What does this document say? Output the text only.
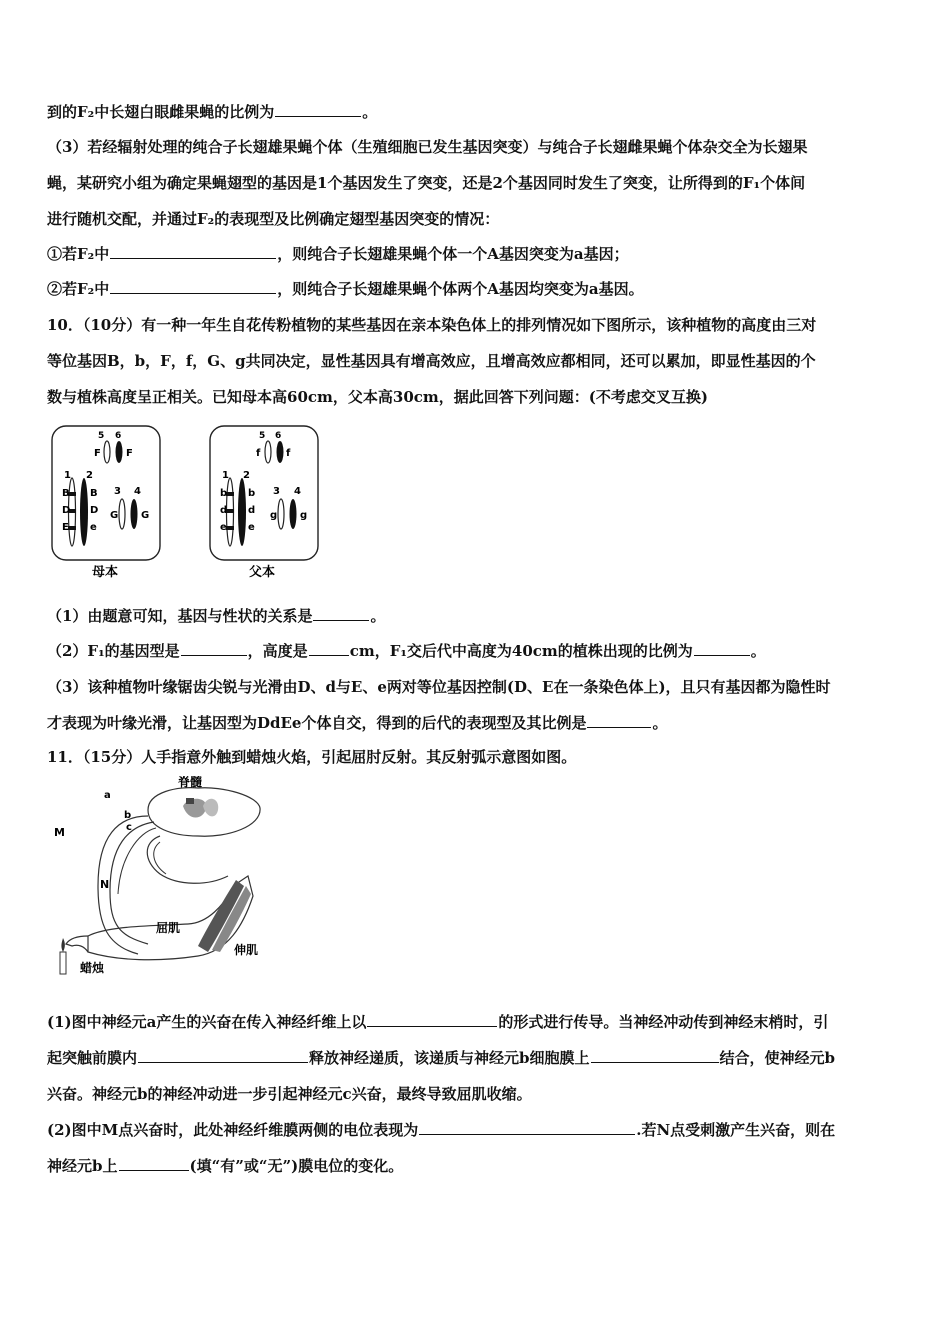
到的F₂中长翅白眼雌果蝇的比例为	。
（3）若经辐射处理的纯合子长翅雄果蝇个体（生殖细胞已发生基因突变）与纯合子长翅雌果蝇个体杂交全为长翅果
蝇，某研究小组为确定果蝇翅型的基因是1个基因发生了突变，还是2个基因同时发生了突变，让所得到的F₁个体间
进行随机交配，并通过F₂的表现型及比例确定翅型基因突变的情况：
①若F₂中	，则纯合子长翅雄果蝇个体一个A基因突变为a基因；
②若F₂中	，则纯合子长翅雄果蝇个体两个A基因均突变为a基因。
10．（10分）有一种一年生自花传粉植物的某些基因在亲本染色体上的排列情况如下图所示，该种植物的高度由三对
等位基因B，b，F，f，G、g共同决定，显性基因具有增高效应，且增高效应都相同，还可以累加，即显性基因的个
数与植株高度呈正相关。已知母本高60cm，父本高30cm，据此回答下列问题：(不考虑交叉互换)
5 6
F	F
1 2
B
D
E
B
D
e
3 4
G G
母本
5 6
f	f
1 2
b
d
e
b
d
e
3 4
g g
父本
（1）由题意可知，基因与性状的关系是	。
（2）F₁的基因型是	，高度是	cm，F₁交后代中高度为40cm的植株出现的比例为	。
（3）该种植物叶缘锯齿尖锐与光滑由D、d与E、e两对等位基因控制(D、E在一条染色体上)，且只有基因都为隐性时
才表现为叶缘光滑，让基因型为DdEe个体自交，得到的后代的表现型及其比例是	。
11．（15分）人手指意外触到蜡烛火焰，引起屈肘反射。其反射弧示意图如图。
脊髓
a
b
c
M
N
屈肌
伸肌
蜡烛
(1)图中神经元a产生的兴奋在传入神经纤维上以	的形式进行传导。当神经冲动传到神经末梢时，引
起突触前膜内	释放神经递质，该递质与神经元b细胞膜上	结合，使神经元b
兴奋。神经元b的神经冲动进一步引起神经元c兴奋，最终导致屈肌收缩。
(2)图中M点兴奋时，此处神经纤维膜两侧的电位表现为	.若N点受刺激产生兴奋，则在
神经元b上	(填“有”或“无”)膜电位的变化。
